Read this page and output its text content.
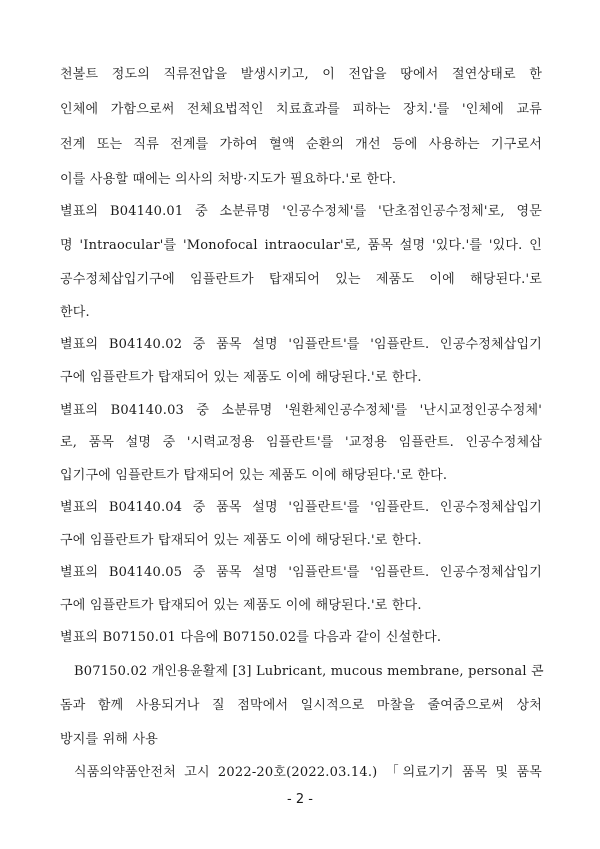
천볼트 정도의 직류전압을 발생시키고, 이 전압을 땅에서 절연상태로 한
인체에 가함으로써 전체요법적인 치료효과를 피하는 장치.'를 '인체에 교류
전계 또는 직류 전계를 가하여 혈액 순환의 개선 등에 사용하는 기구로서
이를 사용할 때에는 의사의 처방·지도가 필요하다.'로 한다.
별표의 B04140.01 중 소분류명 '인공수정체'를 '단초점인공수정체'로, 영문
명 'Intraocular'를 'Monofocal intraocular'로, 품목 설명 '있다.'를 '있다. 인
공수정체삽입기구에 임플란트가 탑재되어 있는 제품도 이에 해당된다.'로
한다.
별표의 B04140.02 중 품목 설명 '임플란트'를 '임플란트. 인공수정체삽입기
구에 임플란트가 탑재되어 있는 제품도 이에 해당된다.'로 한다.
별표의 B04140.03 중 소분류명 '원환체인공수정체'를 '난시교정인공수정체'
로, 품목 설명 중 '시력교정용 임플란트'를 '교정용 임플란트. 인공수정체삽
입기구에 임플란트가 탑재되어 있는 제품도 이에 해당된다.'로 한다.
별표의 B04140.04 중 품목 설명 '임플란트'를 '임플란트. 인공수정체삽입기
구에 임플란트가 탑재되어 있는 제품도 이에 해당된다.'로 한다.
별표의 B04140.05 중 품목 설명 '임플란트'를 '임플란트. 인공수정체삽입기
구에 임플란트가 탑재되어 있는 제품도 이에 해당된다.'로 한다.
별표의 B07150.01 다음에 B07150.02를 다음과 같이 신설한다.
B07150.02 개인용윤활제 [3] Lubricant, mucous membrane, personal 콘
돔과 함께 사용되거나 질 점막에서 일시적으로 마찰을 줄여줌으로써 상처
방지를 위해 사용
식품의약품안전처 고시 2022-20호(2022.03.14.) 「의료기기 품목 및 품목
- 2 -
